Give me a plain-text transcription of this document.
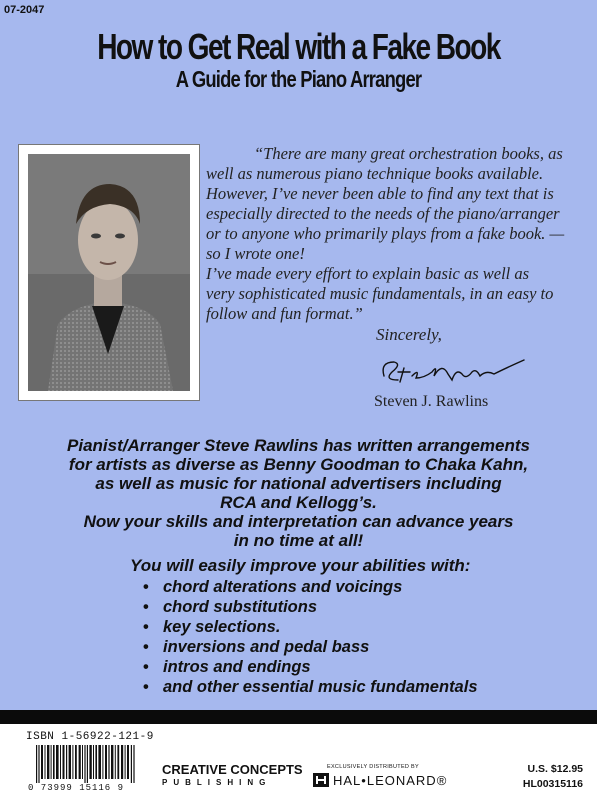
07-2047
How to Get Real with a Fake Book
A Guide for the Piano Arranger
“There are many great orchestration books, as
well as numerous piano technique books available.
However, I’ve never been able to find any text that is
especially directed to the needs of the piano/arranger
or to anyone who primarily plays from a fake book. —
so I wrote one!
I’ve made every effort to explain basic as well as
very sophisticated music fundamentals, in an easy to
follow and fun format.”
Sincerely,
Steven J. Rawlins
Pianist/Arranger Steve Rawlins has written arrangements
for artists as diverse as Benny Goodman to Chaka Kahn,
as well as music for national advertisers including
RCA and Kellogg’s.
Now your skills and interpretation can advance years
in no time at all!
You will easily improve your abilities with:
• chord alterations and voicings
• chord substitutions
• key selections.
• inversions and pedal bass
• intros and endings
• and other essential music fundamentals
ISBN 1-56922-121-9
0 73999 15116 9
CREATIVE CONCEPTS
PUBLISHING
EXCLUSIVELY DISTRIBUTED BY
HAL•LEONARD®
U.S. $12.95
HL00315116
